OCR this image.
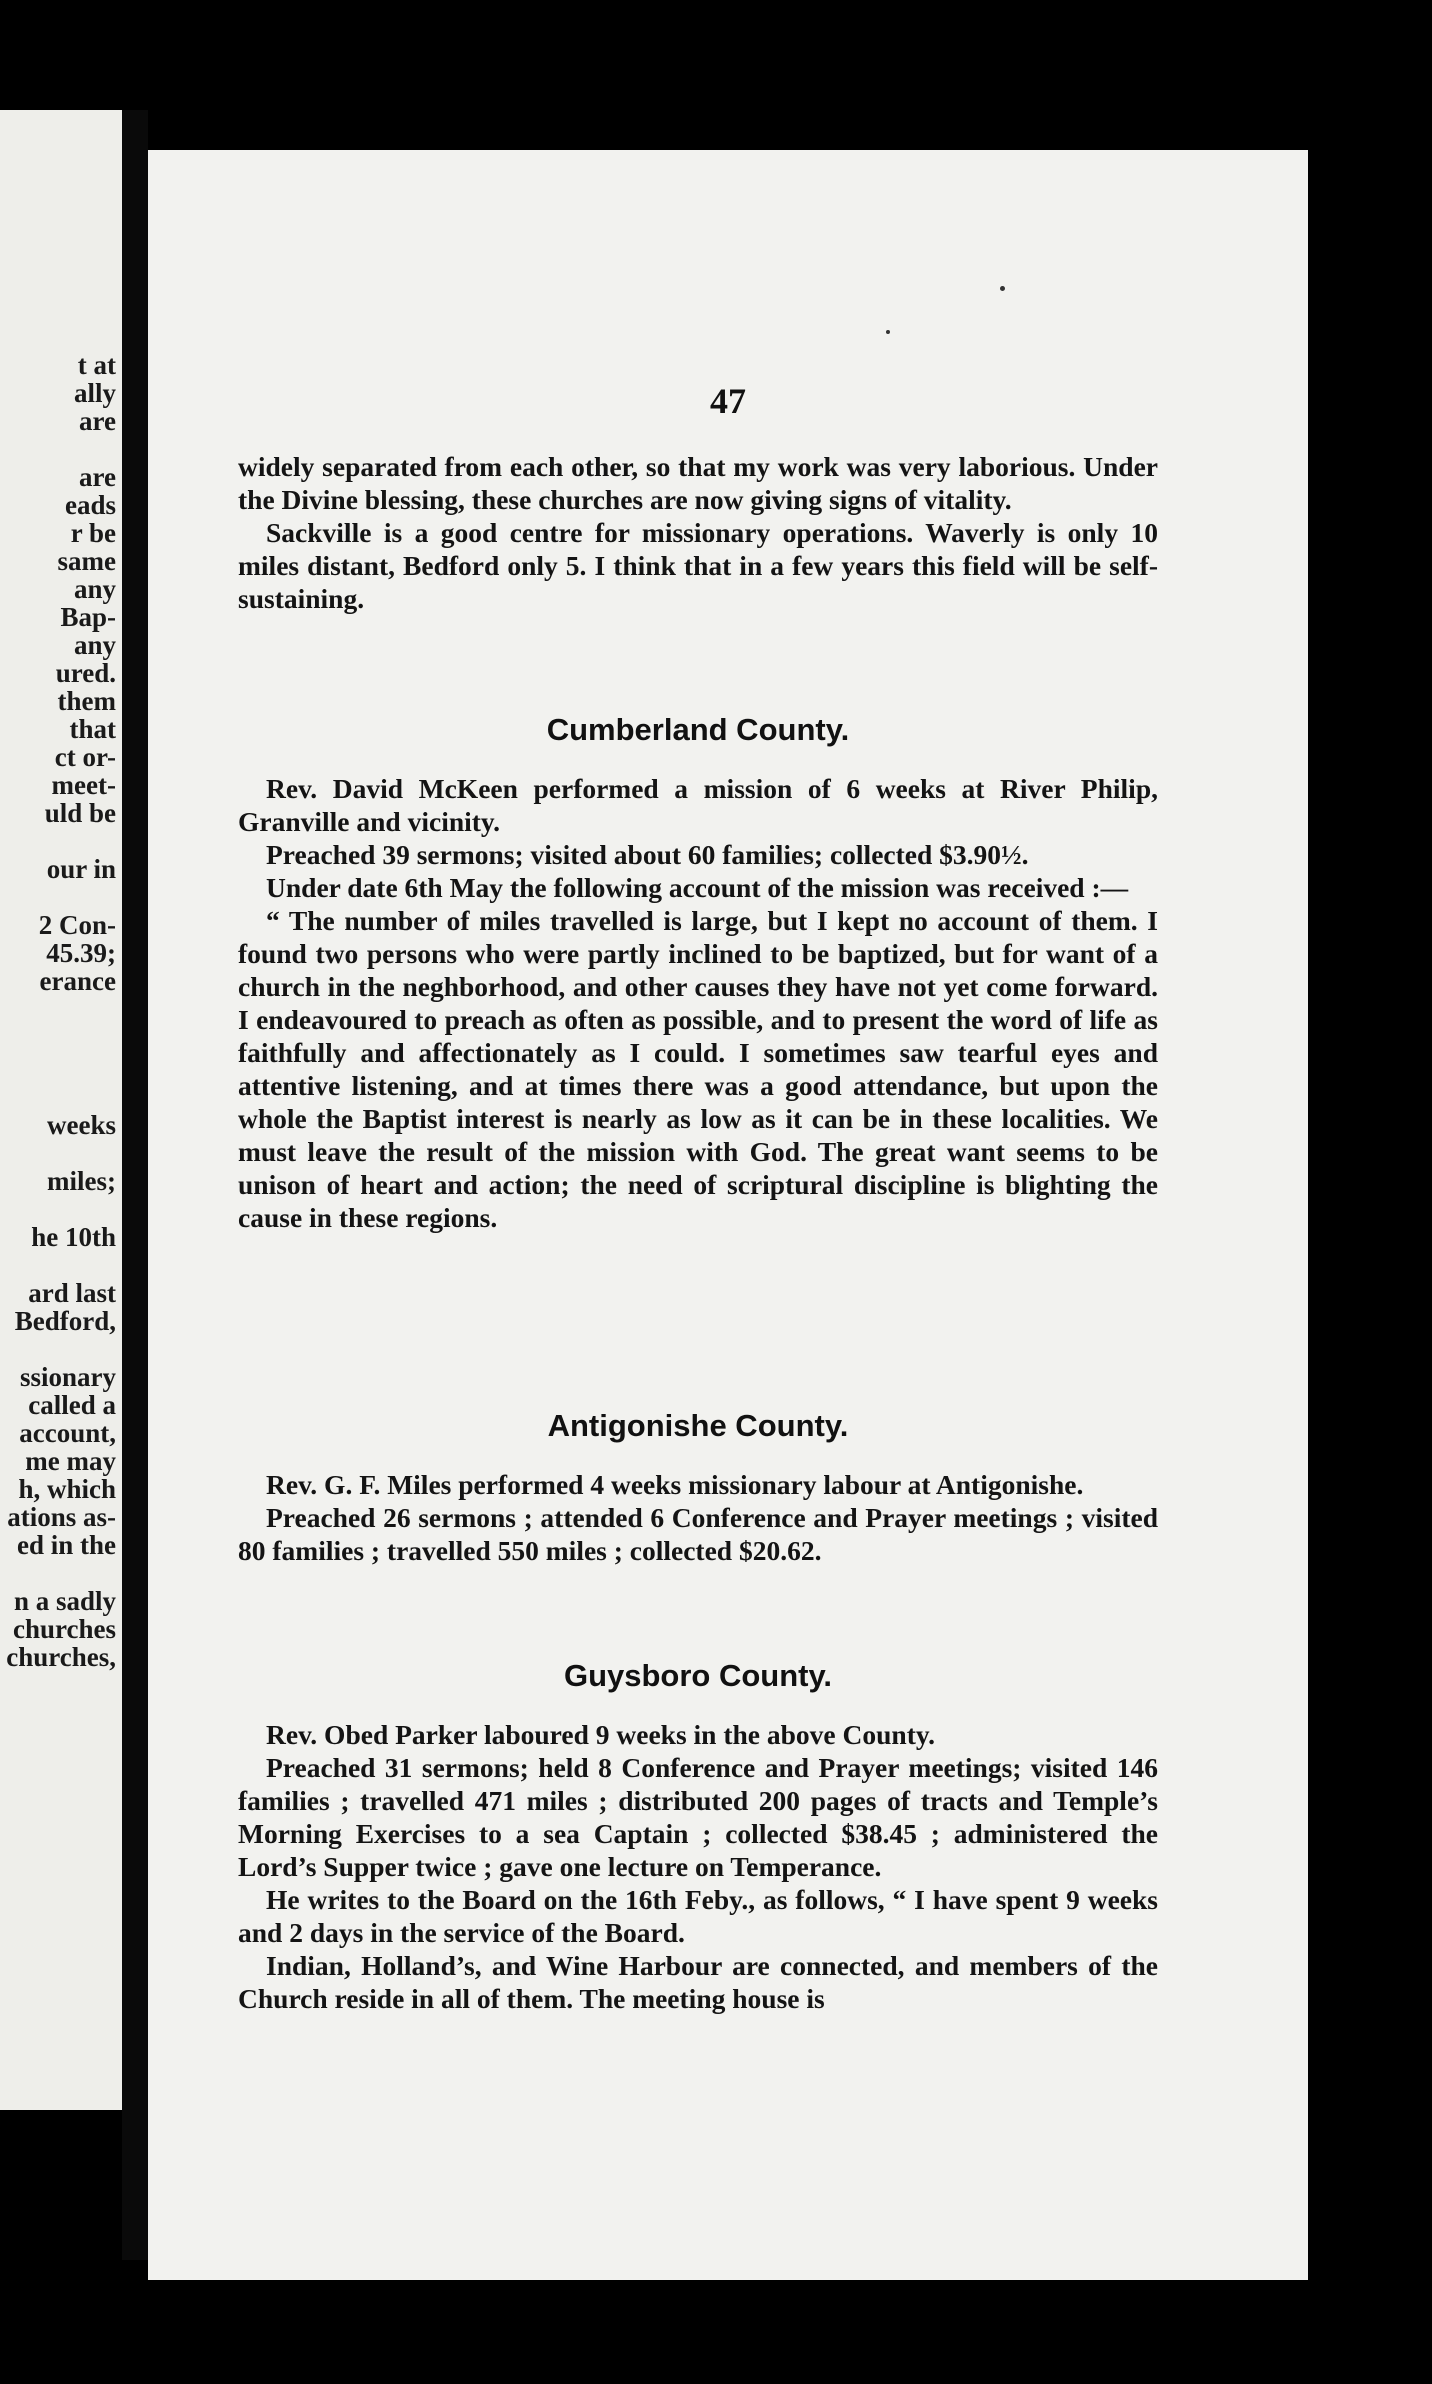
t at
ally
are
are
eads
r be
same
any
Bap-
any
ured.
them
that
ct or-
meet-
uld be
our in
2 Con-
45.39;
erance
weeks
miles;
he 10th
ard last
Bedford,
ssionary
called a
account,
me may
h, which
ations as-
ed in the
n a sadly
churches
churches,
47

widely separated from each other, so that my work was very laborious. Under the Divine blessing, these churches are now giving signs of vitality.

Sackville is a good centre for missionary operations. Waverly is only 10 miles distant, Bedford only 5. I think that in a few years this field will be self-sustaining.

Cumberland County.

Rev. David McKeen performed a mission of 6 weeks at River Philip, Granville and vicinity.

Preached 39 sermons; visited about 60 families; collected $3.90½.

Under date 6th May the following account of the mission was received :—

“ The number of miles travelled is large, but I kept no account of them. I found two persons who were partly inclined to be baptized, but for want of a church in the neghborhood, and other causes they have not yet come forward. I endeavoured to preach as often as possible, and to present the word of life as faithfully and affectionately as I could. I sometimes saw tearful eyes and attentive listening, and at times there was a good attendance, but upon the whole the Baptist interest is nearly as low as it can be in these localities. We must leave the result of the mission with God. The great want seems to be unison of heart and action; the need of scriptural discipline is blighting the cause in these regions.

Antigonishe County.

Rev. G. F. Miles performed 4 weeks missionary labour at Antigonishe.

Preached 26 sermons ; attended 6 Conference and Prayer meetings ; visited 80 families ; travelled 550 miles ; collected $20.62.

Guysboro County.

Rev. Obed Parker laboured 9 weeks in the above County.

Preached 31 sermons; held 8 Conference and Prayer meetings; visited 146 families ; travelled 471 miles ; distributed 200 pages of tracts and Temple’s Morning Exercises to a sea Captain ; collected $38.45 ; administered the Lord’s Supper twice ; gave one lecture on Temperance.

He writes to the Board on the 16th Feby., as follows, “ I have spent 9 weeks and 2 days in the service of the Board.

Indian, Holland’s, and Wine Harbour are connected, and members of the Church reside in all of them. The meeting house is
